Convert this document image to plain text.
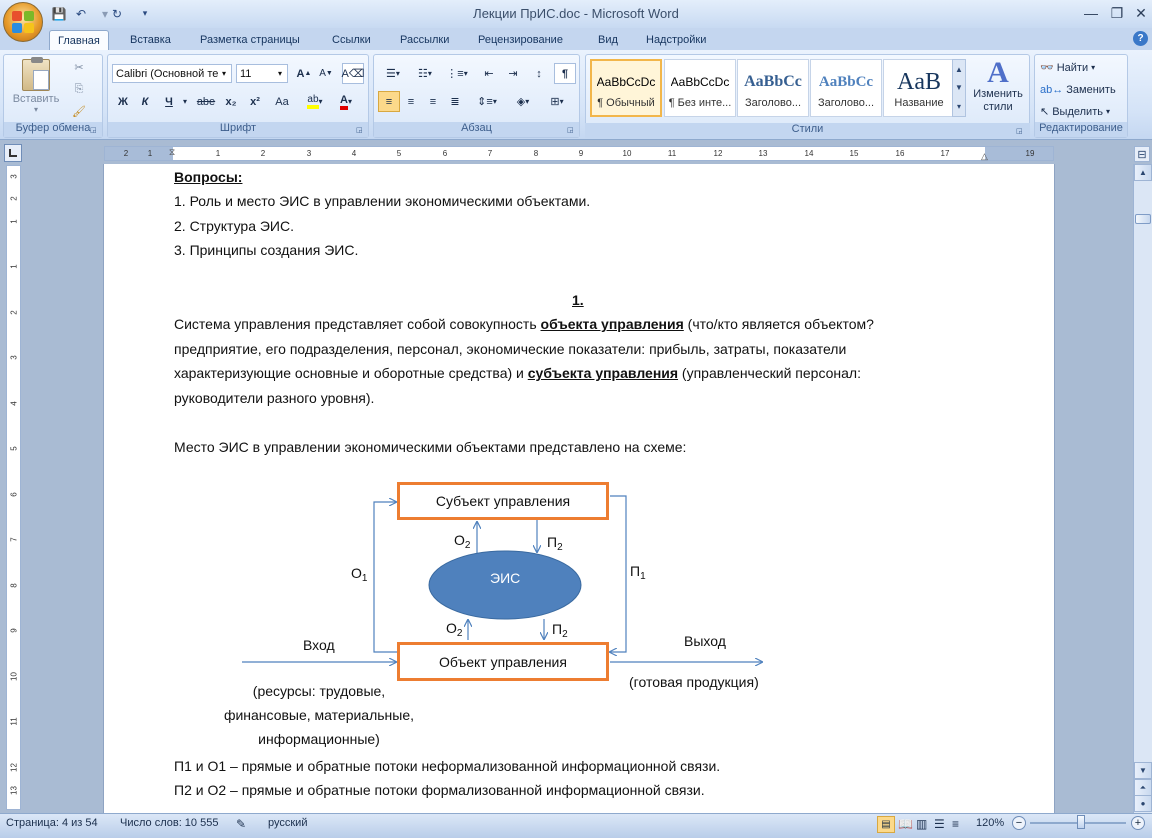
💾 ↶	▾ ↻	▾	Лекции ПрИС.doc - Microsoft Word	— ❐ ✕
Главная	Вставка	Разметка страницы	Ссылки	Рассылки	Рецензирование	Вид	Надстройки	?
Вставить
▾
✂
⎘
🖌
Буфер обмена ◲
Calibri (Основной те ▾ 11	▾ A ▲ A ▼ A⌫
Ж	К	Ч	▾ abe x₂	x²	Aa	ab ▾ A ▾
Шрифт	◲
☰ ▾	☷ ▾	⋮≡ ▾	⇤	⇥	↕	¶
≡	≡	≡	≣	⇕≡ ▾	◈ ▾	⊞ ▾
Абзац	◲
AaBbCcDc
¶ Обычный
AaBbCcDc
¶ Без инте...
AaBbCc
Заголово...
AaBbCc
Заголово...
AaB
Название
▲
▼
▾
A
Изменить стили
Стили	◲
👓 Найти ▾
ab↔ Заменить
↖ Выделить ▾
Редактирование
⧖	△
2	1	1	2	3	4	5	6	7	8	9	10	11	12	13	14	15	16	17	19
3
2
1
1
2
3
4
5
6
7
8
9
10
11
12
13
⊟
Вопросы:
1. Роль и место ЭИС в управлении экономическими объектами.
2. Структура ЭИС.
3. Принципы создания ЭИС.
1.
Система управления представляет собой совокупность объекта управления (что/кто является объектом?
предприятие, его подразделения, персонал, экономические показатели: прибыль, затраты, показатели
характеризующие основные и оборотные средства) и субъекта управления (управленческий персонал:
руководители разного уровня).
Место ЭИС в управлении экономическими объектами представлено на схеме:
Субъект управления
Объект управления
ЭИС
$О_2$	$П_2$
$О_1$	$П_1$
$О_2$	$П_2$
Вход	Выход
(ресурсы: трудовые,
финансовые, материальные,
информационные)
(готовая продукция)
П1 и О1 – прямые и обратные потоки неформализованной информационной связи.
П2 и О2 – прямые и обратные потоки формализованной информационной связи.
▲
▼
⏶
●
Страница: 4 из 54 Число слов: 10 555 ✎ русский	▤ 📖 ▥ ☰ ≡ 120%	−	+
